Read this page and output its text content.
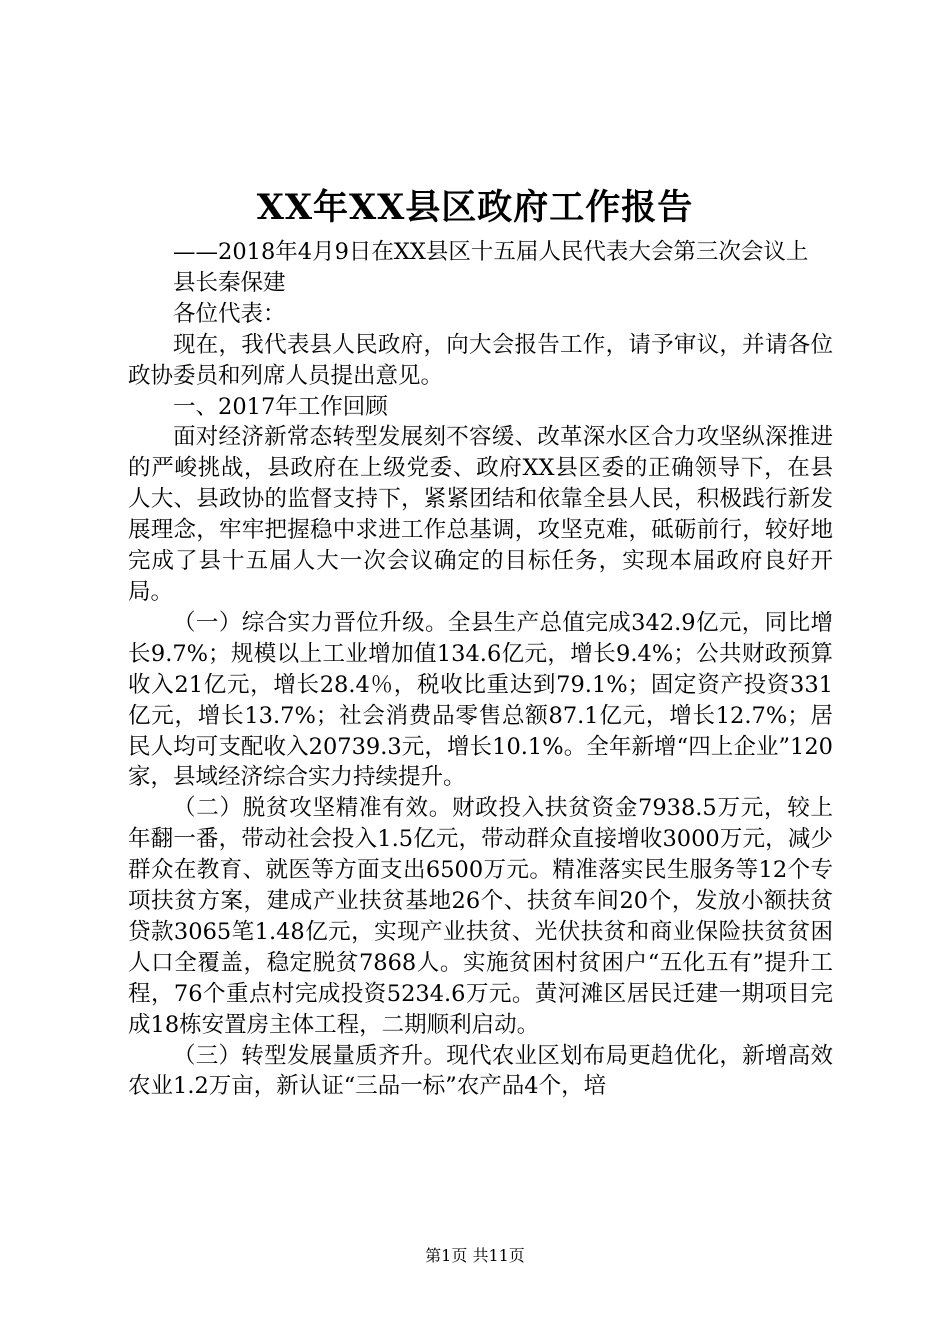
XX年XX县区政府工作报告

——2018年4月9日在XX县区十五届人民代表大会第三次会议上

县长秦保建

各位代表：

现在，我代表县人民政府，向大会报告工作，请予审议，并请各位政协委员和列席人员提出意见。

一、2017年工作回顾

面对经济新常态转型发展刻不容缓、改革深水区合力攻坚纵深推进的严峻挑战，县政府在上级党委、政府XX县区委的正确领导下，在县人大、县政协的监督支持下，紧紧团结和依靠全县人民，积极践行新发展理念，牢牢把握稳中求进工作总基调，攻坚克难，砥砺前行，较好地完成了县十五届人大一次会议确定的目标任务，实现本届政府良好开局。

（一）综合实力晋位升级。全县生产总值完成342.9亿元，同比增长9.7%；规模以上工业增加值134.6亿元，增长9.4%；公共财政预算收入21亿元，增长28.4％，税收比重达到79.1%；固定资产投资331亿元，增长13.7%；社会消费品零售总额87.1亿元，增长12.7%；居民人均可支配收入20739.3元，增长10.1%。全年新增“四上企业”120家，县域经济综合实力持续提升。

（二）脱贫攻坚精准有效。财政投入扶贫资金7938.5万元，较上年翻一番，带动社会投入1.5亿元，带动群众直接增收3000万元，减少群众在教育、就医等方面支出6500万元。精准落实民生服务等12个专项扶贫方案，建成产业扶贫基地26个、扶贫车间20个，发放小额扶贫贷款3065笔1.48亿元，实现产业扶贫、光伏扶贫和商业保险扶贫贫困人口全覆盖，稳定脱贫7868人。实施贫困村贫困户“五化五有”提升工程，76个重点村完成投资5234.6万元。黄河滩区居民迁建一期项目完成18栋安置房主体工程，二期顺利启动。

（三）转型发展量质齐升。现代农业区划布局更趋优化，新增高效农业1.2万亩，新认证“三品一标”农产品4个，培

第1页 共11页
